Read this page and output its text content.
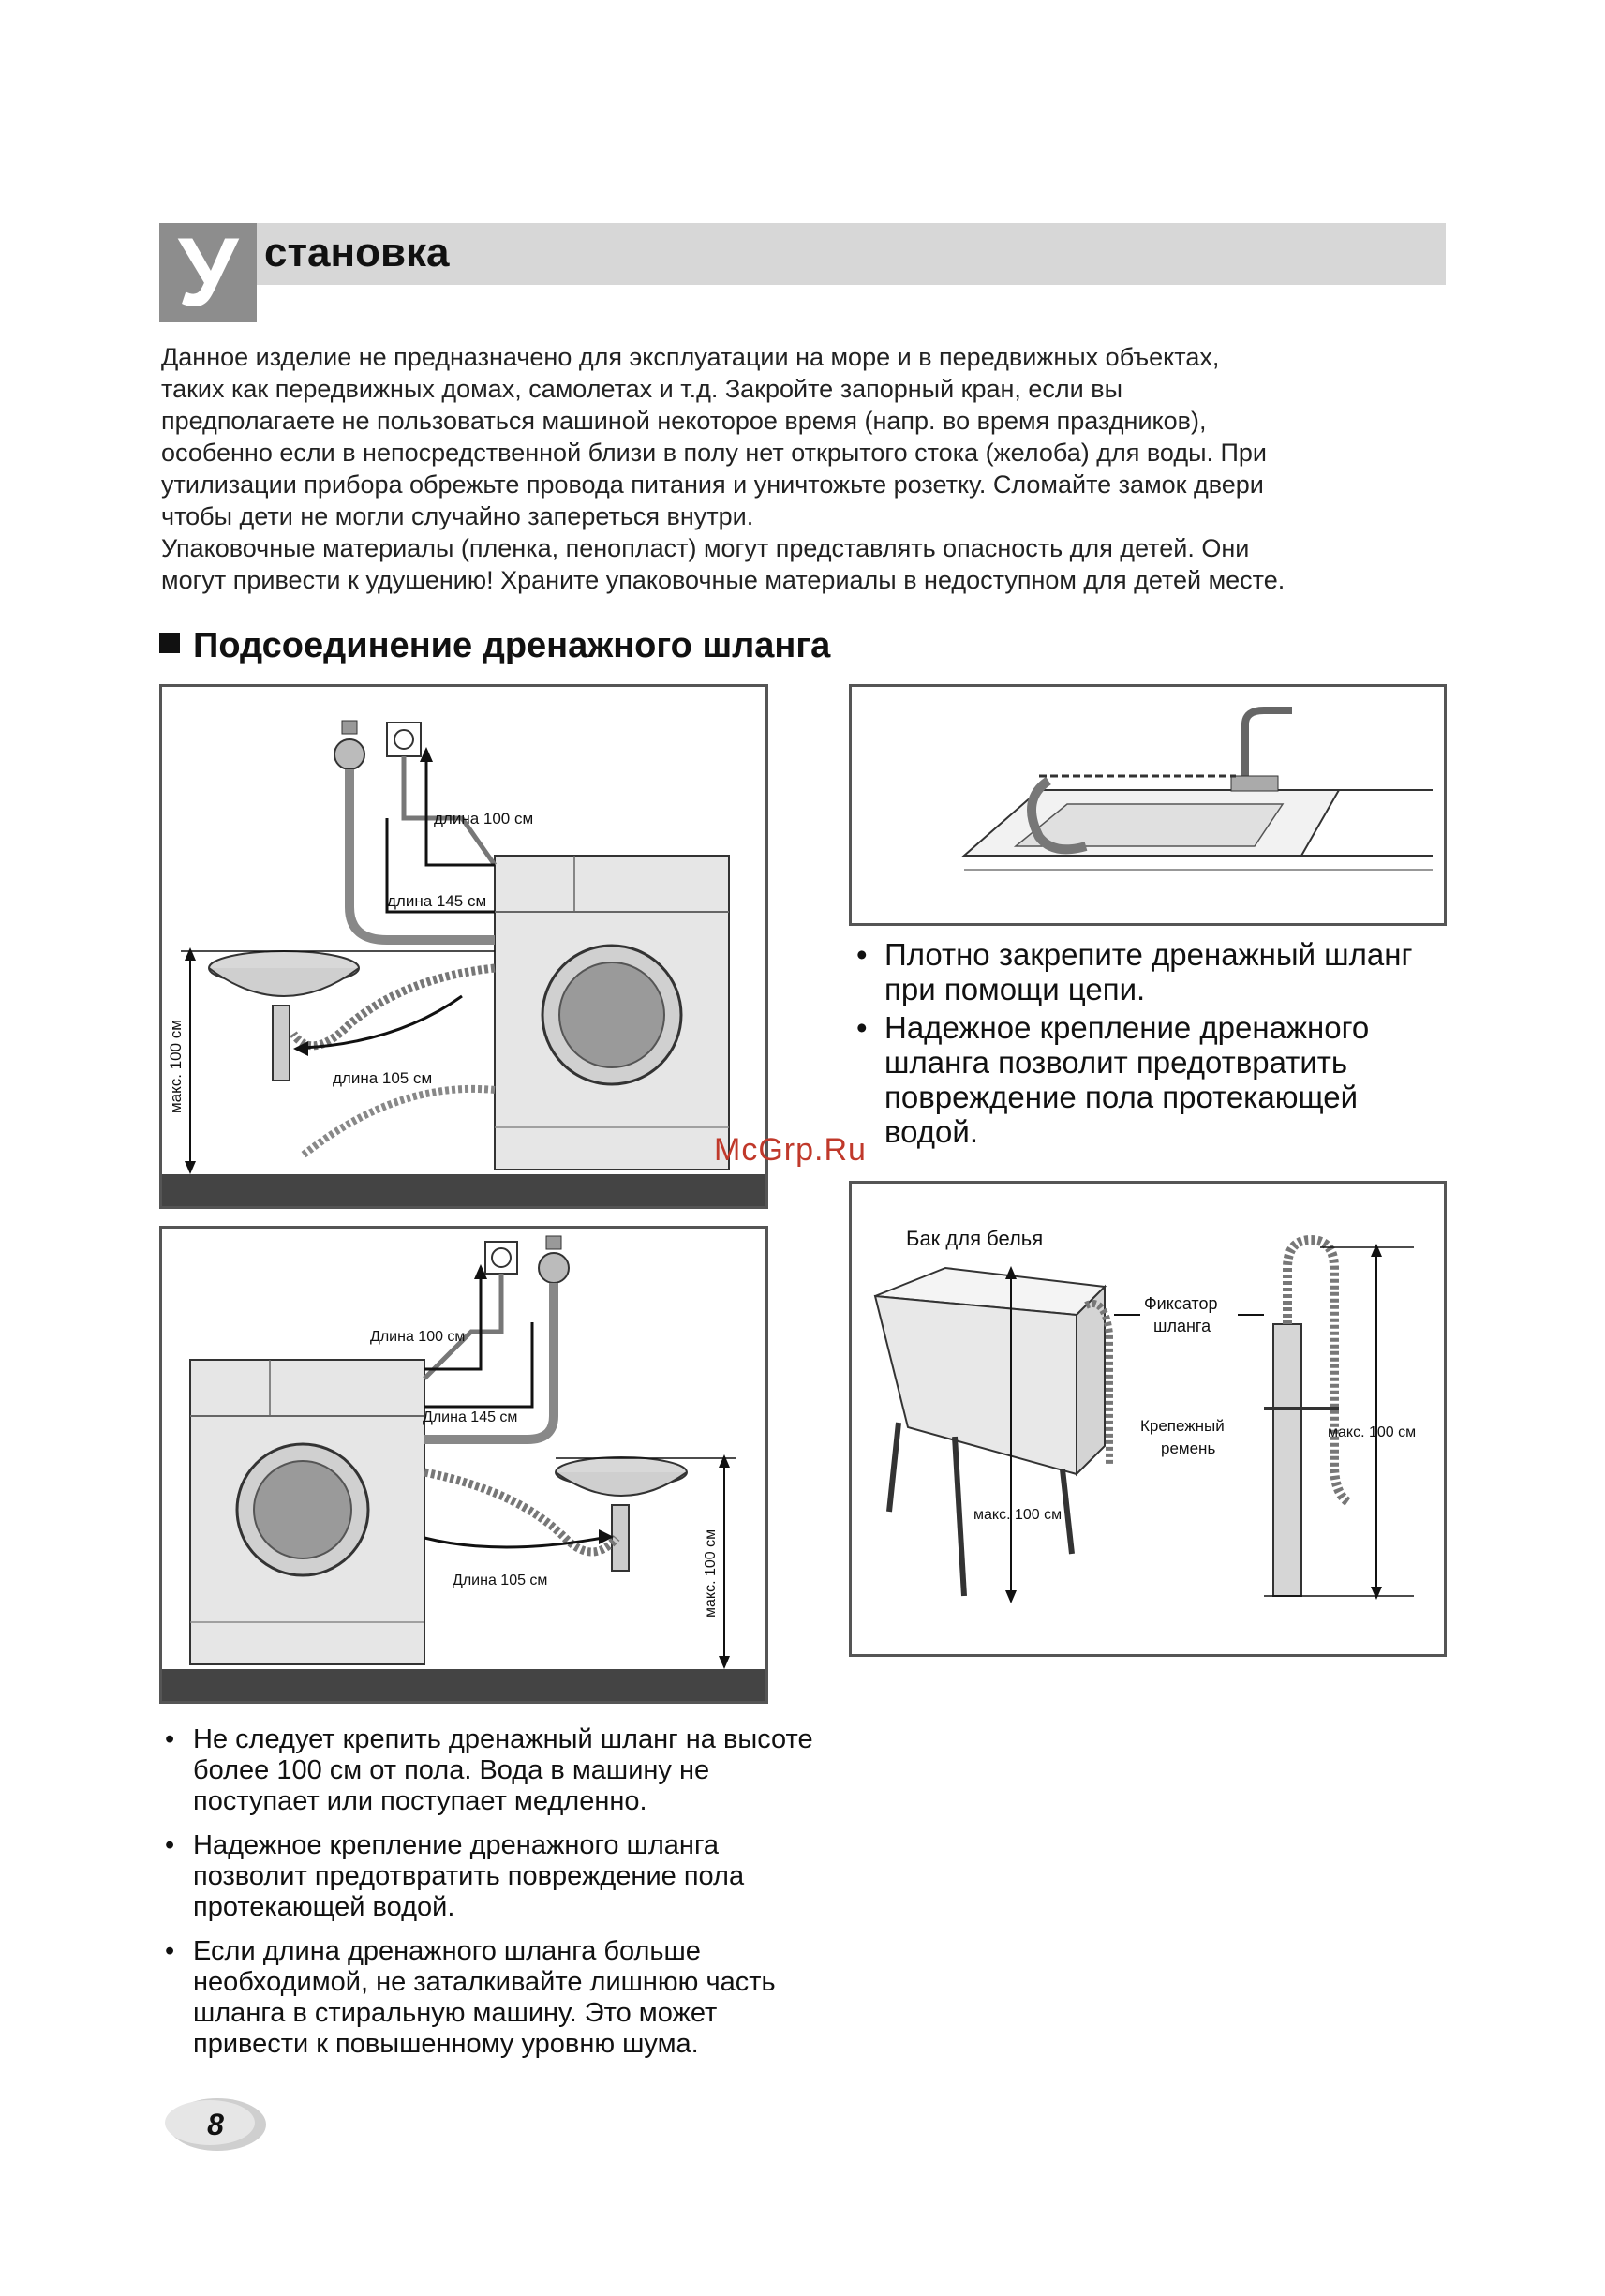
У становка

Данное изделие не предназначено для эксплуатации на море и в передвижных объектах,

таких как передвижных домах, самолетах и т.д. Закройте запорный кран, если вы

предполагаете не пользоваться машиной некоторое время (напр. во время праздников),

особенно если в непосредственной близи в полу нет открытого стока (желоба) для воды. При

утилизации прибора обрежьте провода питания и уничтожьте розетку. Сломайте замок двери

чтобы дети не могли случайно запереться внутри.

Упаковочные материалы (пленка, пенопласт) могут представлять опасность для детей. Они

могут привести к удушению! Храните упаковочные материалы в недоступном для детей месте.

Подсоединение дренажного шланга
длина 100 см
длина 145 см
длина 105 см
макс. 100 см
Длина 100 см
Длина 145 см
Длина 105 см	макс. 100 см
• Плотно закрепите дренажный шланг при помощи цепи.
• Надежное крепление дренажного шланга позволит предотвратить повреждение пола протекающей водой.
McGrp.Ru
Бак для белья
макс. 100 см
Фиксатор
шланга
Крепежный
ремень
макс. 100 см
• Не следует крепить дренажный шланг на высоте более 100 см от пола. Вода в машину не поступает или поступает медленно.
• Надежное крепление дренажного шланга позволит предотвратить повреждение пола протекающей водой.
• Если длина дренажного шланга больше необходимой, не заталкивайте лишнюю часть шланга в стиральную машину. Это может привести к повышенному уровню шума.
8
